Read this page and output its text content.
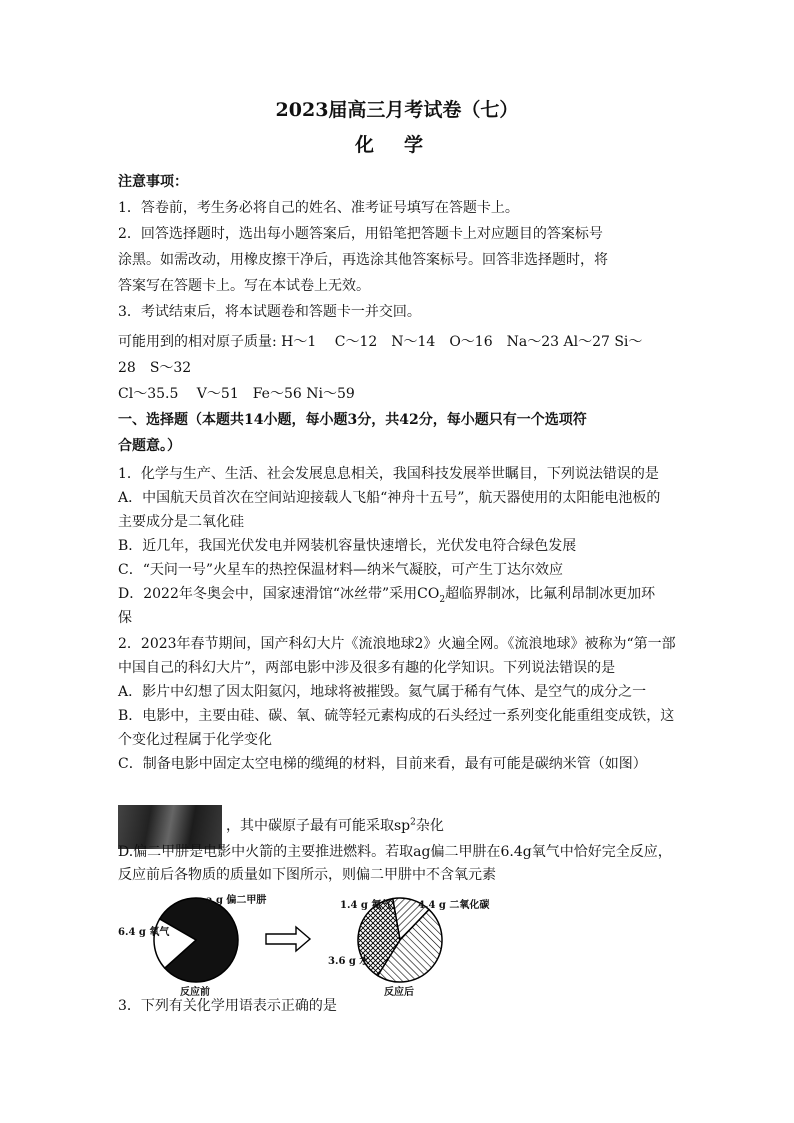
2023届高三月考试卷（七）
化学
注意事项：
1．答卷前，考生务必将自己的姓名、准考证号填写在答题卡上。
2．回答选择题时，选出每小题答案后，用铅笔把答题卡上对应题目的答案标号
涂黑。如需改动，用橡皮擦干净后，再选涂其他答案标号。回答非选择题时，将
答案写在答题卡上。写在本试卷上无效。
3．考试结束后，将本试题卷和答题卡一并交回。
可能用到的相对原子质量: H～1　 C～12　N～14　O～16　Na～23 Al～27 Si～
28　S～32
Cl～35.5　 V～51　Fe～56 Ni～59
一、选择题（本题共14小题，每小题3分，共42分，每小题只有一个选项符
合题意。）
1．化学与生产、生活、社会发展息息相关，我国科技发展举世瞩目，下列说法错误的是
A．中国航天员首次在空间站迎接载人飞船“神舟十五号”，航天器使用的太阳能电池板的
主要成分是二氧化硅
B．近几年，我国光伏发电并网装机容量快速增长，光伏发电符合绿色发展
C．“天问一号”火星车的热控保温材料—纳米气凝胶，可产生丁达尔效应
D．2022年冬奥会中，国家速滑馆“冰丝带”采用$CO_2$超临界制冰，比氟利昂制冰更加环
保
2．2023年春节期间，国产科幻大片《流浪地球2》火遍全网。《流浪地球》被称为“第一部
中国自己的科幻大片”，两部电影中涉及很多有趣的化学知识。下列说法错误的是
A．影片中幻想了因太阳氦闪，地球将被摧毁。氦气属于稀有气体、是空气的成分之一
B．电影中，主要由硅、碳、氧、硫等轻元素构成的石头经过一系列变化能重组变成铁，这
个变化过程属于化学变化
C．制备电影中固定太空电梯的缆绳的材料，目前来看，最有可能是碳纳米管（如图）
，其中碳原子最有可能采取$sp^2$杂化
D.偏二甲肼是电影中火箭的主要推进燃料。若取ag偏二甲肼在6.4g氧气中恰好完全反应，
反应前后各物质的质量如下图所示，则偏二甲肼中不含氧元素
6.4 g 氧气
a g 偏二甲肼
反应前
1.4 g 氮气	4.4 g 二氧化碳
3.6 g 水
反应后
3．下列有关化学用语表示正确的是
